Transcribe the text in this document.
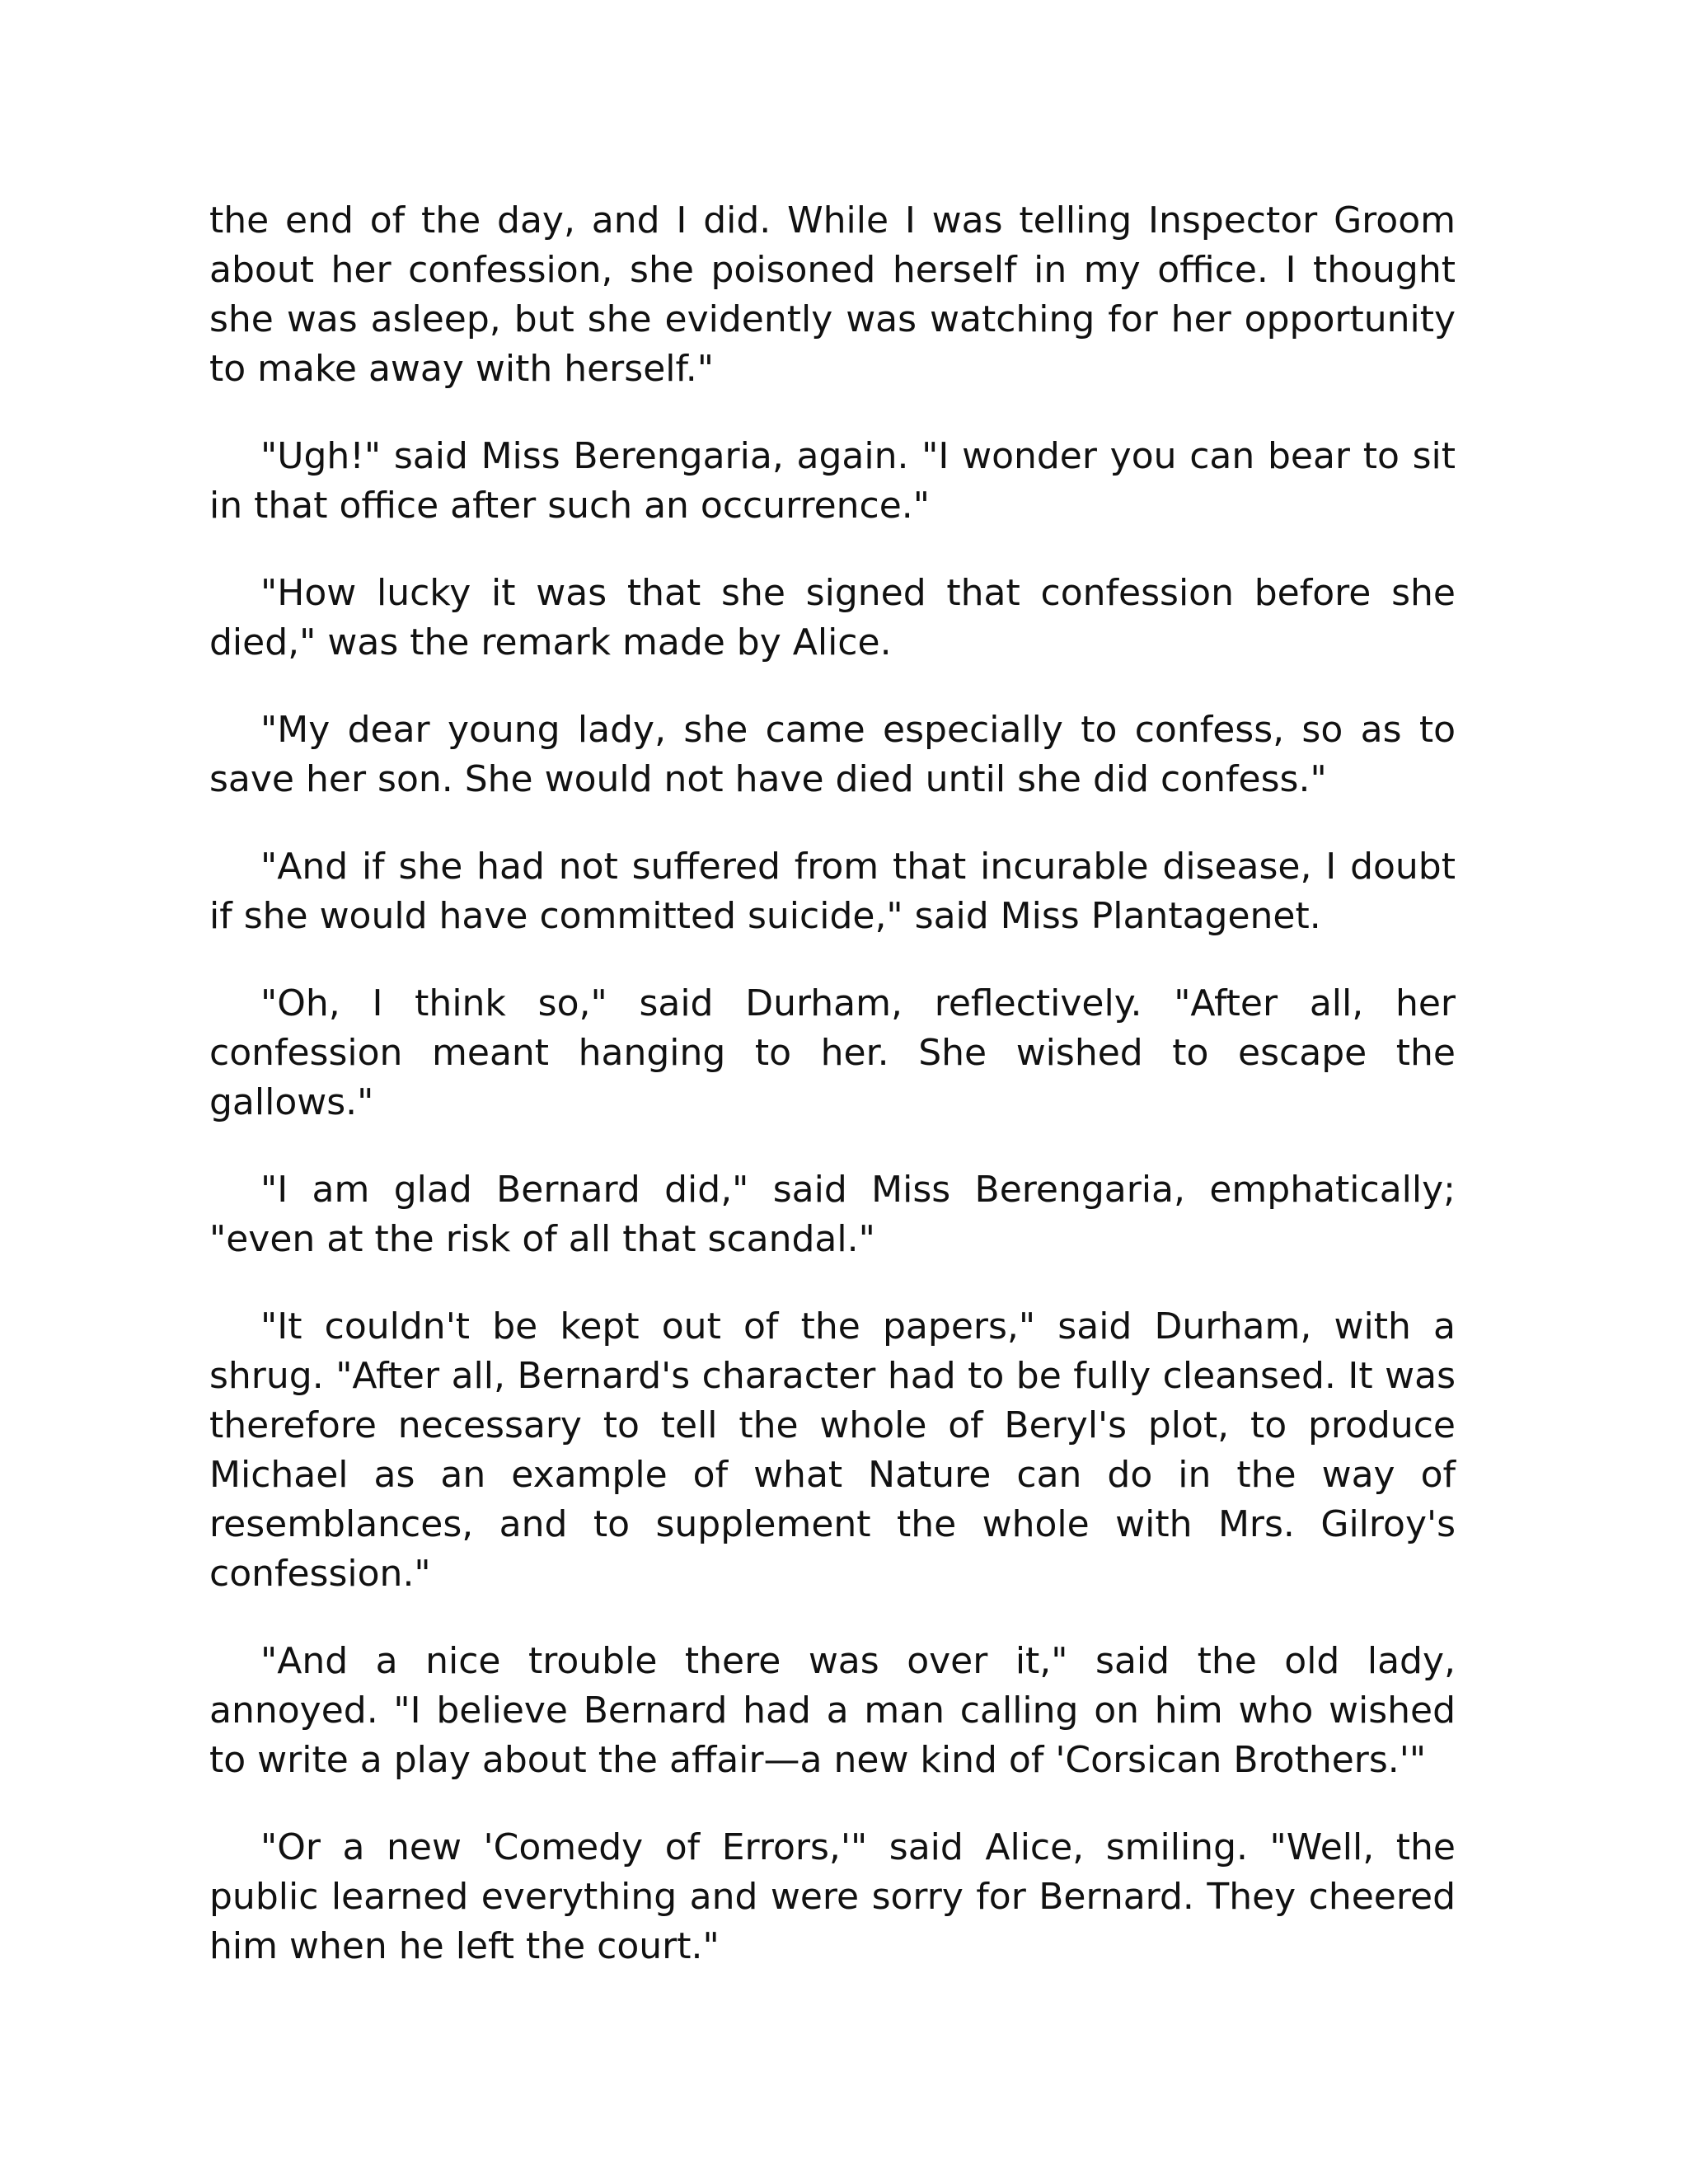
the end of the day, and I did. While I was telling Inspector Groom about her confession, she poisoned herself in my office. I thought she was asleep, but she evidently was watching for her opportunity to make away with herself."

"Ugh!" said Miss Berengaria, again. "I wonder you can bear to sit in that office after such an occurrence."

"How lucky it was that she signed that confession before she died," was the remark made by Alice.

"My dear young lady, she came especially to confess, so as to save her son. She would not have died until she did confess."

"And if she had not suffered from that incurable disease, I doubt if she would have committed suicide," said Miss Plantagenet.

"Oh, I think so," said Durham, reflectively. "After all, her confession meant hanging to her. She wished to escape the gallows."

"I am glad Bernard did," said Miss Berengaria, emphatically; "even at the risk of all that scandal."

"It couldn't be kept out of the papers," said Durham, with a shrug. "After all, Bernard's character had to be fully cleansed. It was therefore necessary to tell the whole of Beryl's plot, to produce Michael as an example of what Nature can do in the way of resemblances, and to supplement the whole with Mrs. Gilroy's confession."

"And a nice trouble there was over it," said the old lady, annoyed. "I believe Bernard had a man calling on him who wished to write a play about the affair—a new kind of 'Corsican Brothers.'"

"Or a new 'Comedy of Errors,'" said Alice, smiling. "Well, the public learned everything and were sorry for Bernard. They cheered him when he left the court."
